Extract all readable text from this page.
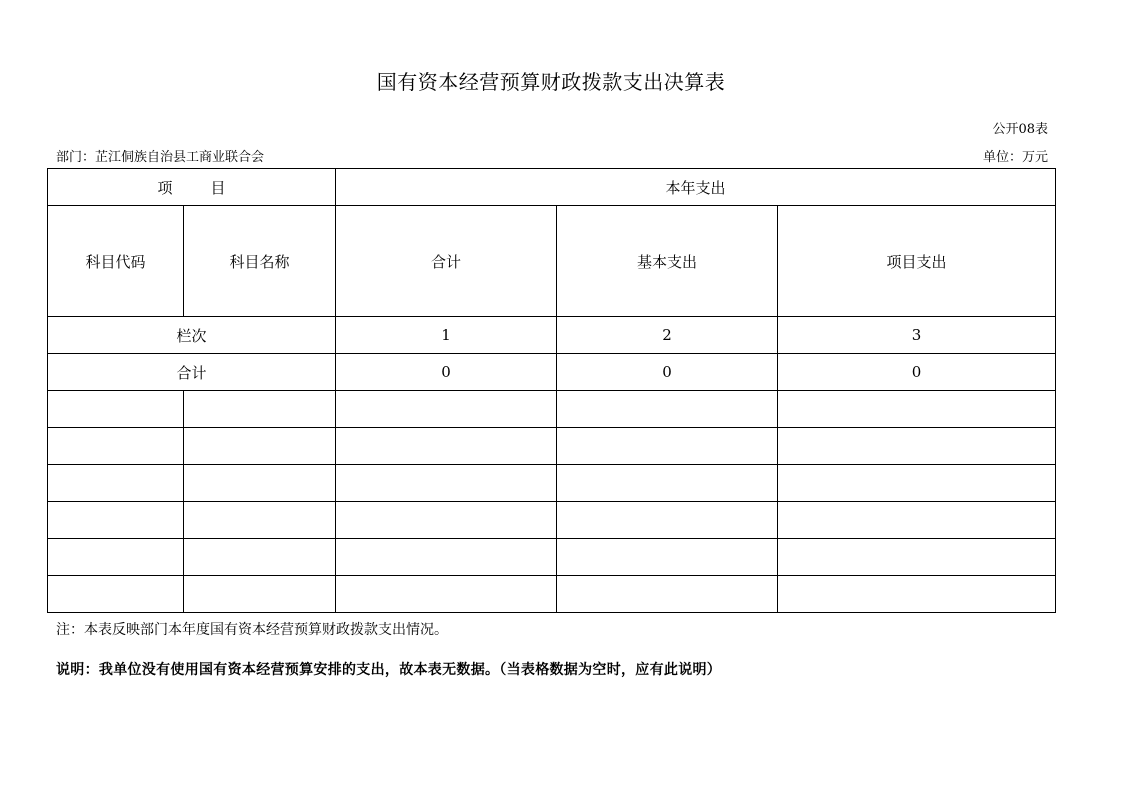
国有资本经营预算财政拨款支出决算表
公开08表
部门：芷江侗族自治县工商业联合会	单位：万元
项 目		本年支出		
科目代码	科目名称	合计	基本支出	项目支出
栏次		1	2	3
合计		0	0	0

注：本表反映部门本年度国有资本经营预算财政拨款支出情况。
说明：我单位没有使用国有资本经营预算安排的支出，故本表无数据。（当表格数据为空时，应有此说明）
